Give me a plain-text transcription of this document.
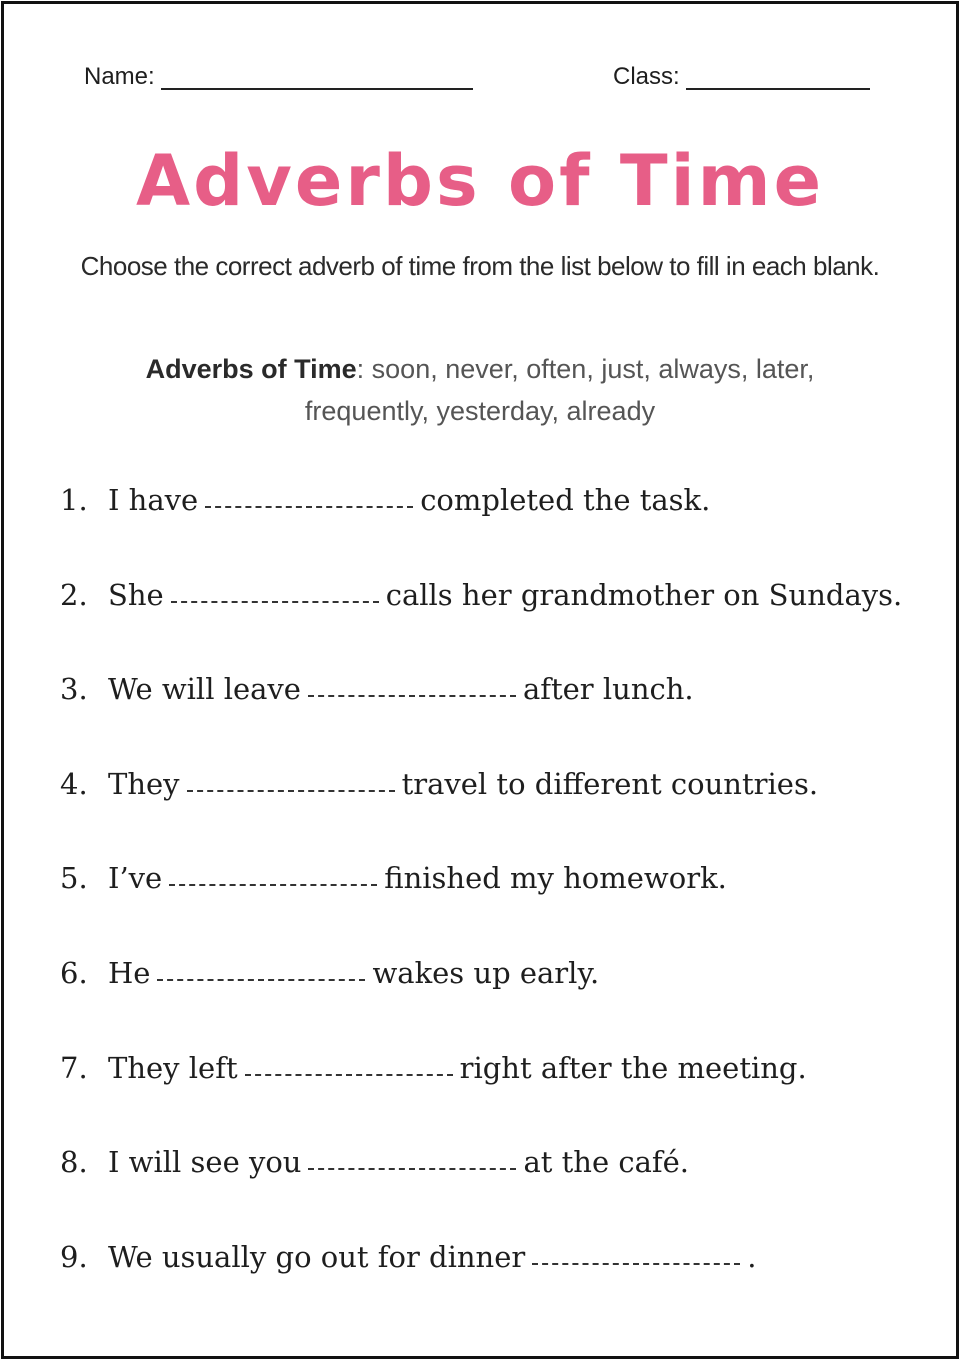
Name:	Class:
Adverbs of Time
Choose the correct adverb of time from the list below to fill in each blank.
Adverbs of Time: soon, never, often, just, always, later, frequently, yesterday, already
1. I have	completed the task.
2. She	calls her grandmother on Sundays.
3. We will leave	after lunch.
4. They	travel to different countries.
5. I’ve	finished my homework.
6. He	wakes up early.
7. They left	right after the meeting.
8. I will see you	at the café.
9. We usually go out for dinner	.
